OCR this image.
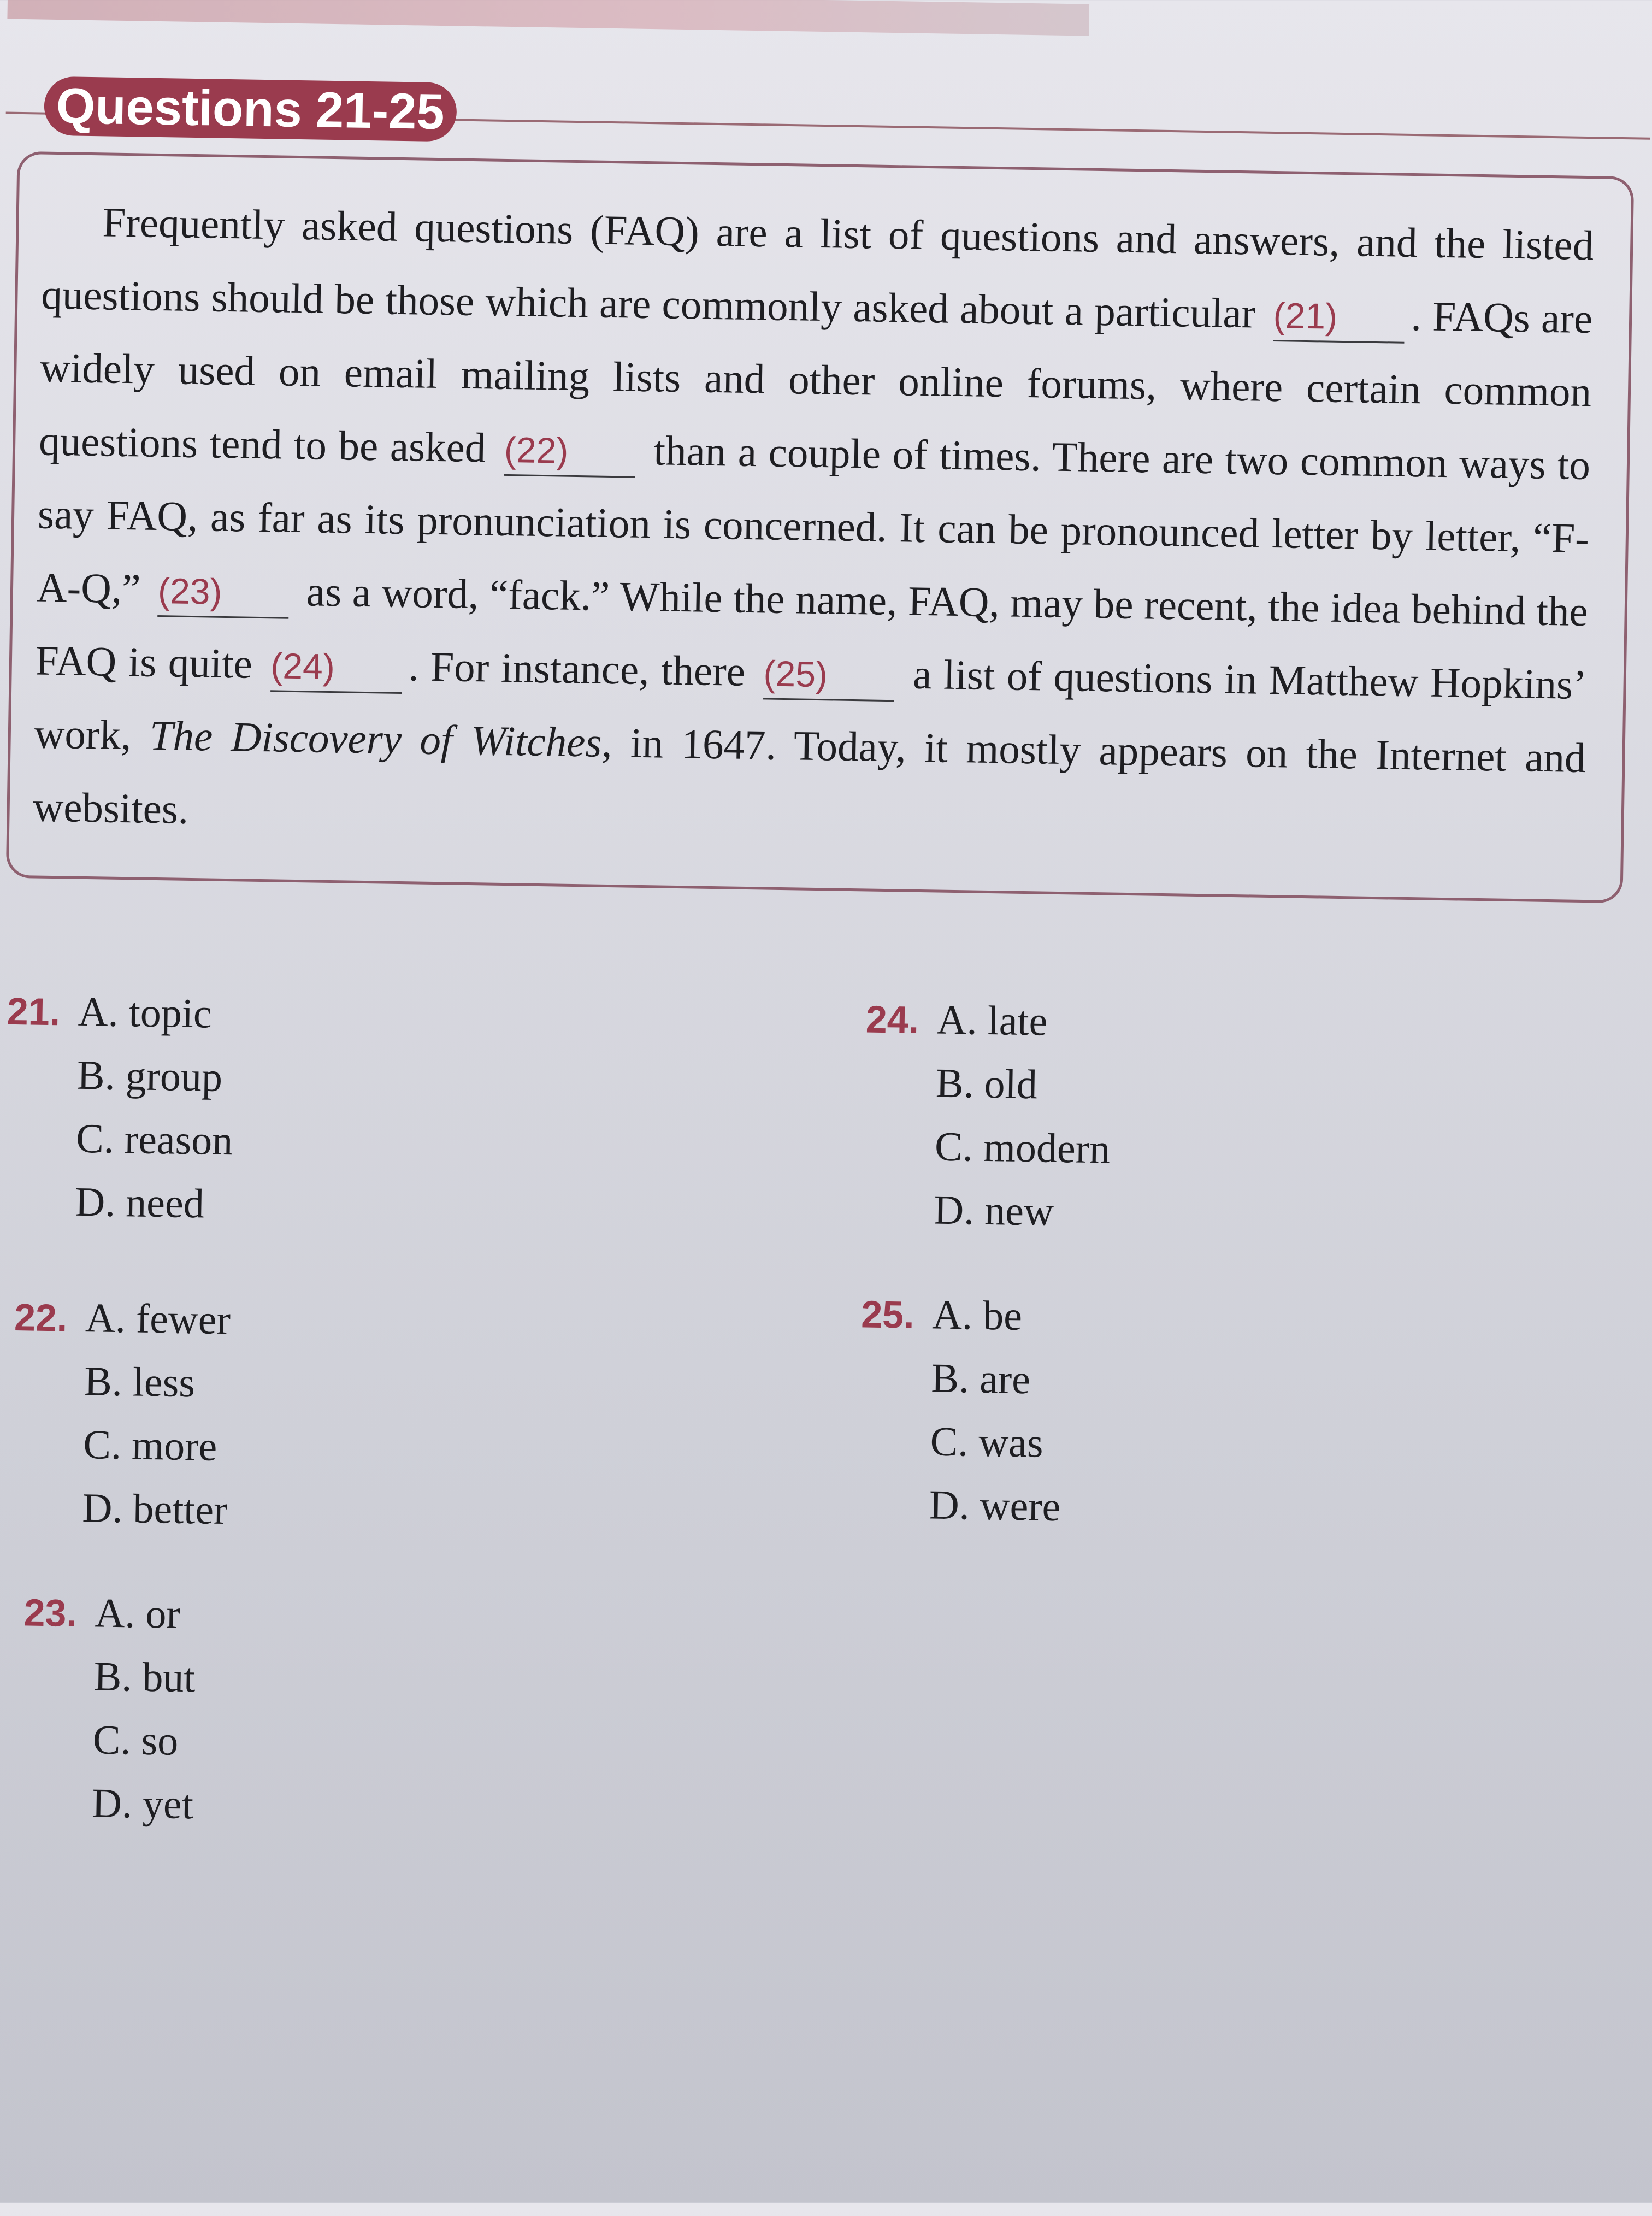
Questions 21-25

Frequently asked questions (FAQ) are a list of questions and answers, and the listed questions should be those which are commonly asked about a particular (21) . FAQs are widely used on email mailing lists and other online forums, where certain common questions tend to be asked (22) than a couple of times. There are two common ways to say FAQ, as far as its pronunciation is concerned. It can be pronounced letter by letter, “F-A-Q,” (23) as a word, “fack.” While the name, FAQ, may be recent, the idea behind the FAQ is quite (24) . For instance, there (25) a list of questions in Matthew Hopkins’ work, The Discovery of Witches, in 1647. Today, it mostly appears on the Internet and websites.

21. A. topic
B. group
C. reason
D. need
22. A. fewer
B. less
C. more
D. better
23. A. or
B. but
C. so
D. yet
24. A. late
B. old
C. modern
D. new
25. A. be
B. are
C. was
D. were
